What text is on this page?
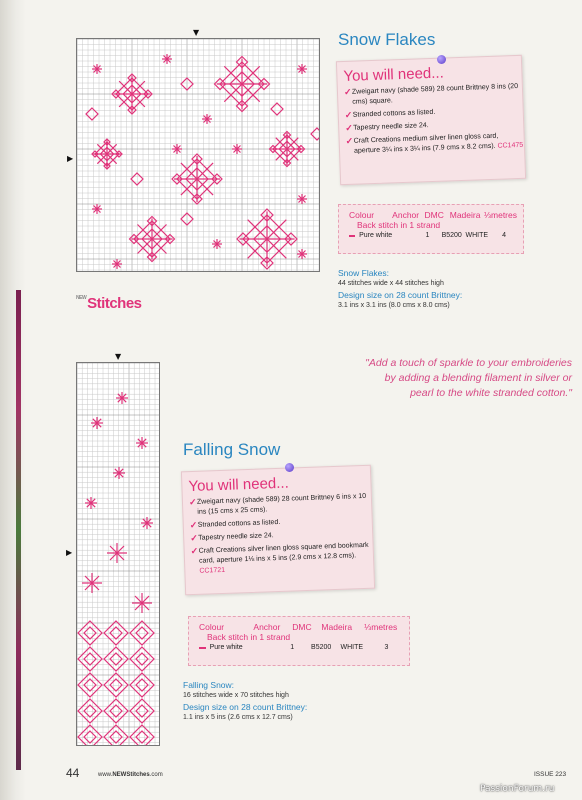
▼
▶
Snow Flakes
You will need...
✓ Zweigart navy (shade 589) 28 count Brittney 8 ins (20 cms) square.
✓ Stranded cottons as listed.
✓ Tapestry needle size 24.
✓ Craft Creations medium silver linen gloss card, aperture 3¼ ins x 3¼ ins (7.9 cms x 8.2 cms). CC1475
Colour	Anchor DMC Madeira ⅓metres
Back stitch in 1 strand
Pure white	1	B5200 WHITE	4
Snow Flakes:
44 stitches wide x 44 stitches high
Design size on 28 count Brittney:
3.1 ins x 3.1 ins (8.0 cms x 8.0 cms)
$^{NEW}$Stitches
▼
▶
"Add a touch of sparkle to your embroideries by adding a blending filament in silver or pearl to the white stranded cotton."
Falling Snow
You will need...
✓ Zweigart navy (shade 589) 28 count Brittney 6 ins x 10 ins (15 cms x 25 cms).
✓ Stranded cottons as listed.
✓ Tapestry needle size 24.
✓ Craft Creations silver linen gloss square end bookmark card, aperture 1⅛ ins x 5 ins (2.9 cms x 12.8 cms). CC1721
Colour	Anchor	DMC	Madeira	⅓metres
Back stitch in 1 strand
Pure white	1	B5200	WHITE	3
Falling Snow:
16 stitches wide x 70 stitches high
Design size on 28 count Brittney:
1.1 ins x 5 ins (2.6 cms x 12.7 cms)
44	www.NEWStitches.com	ISSUE 223
PassionForum.ru
